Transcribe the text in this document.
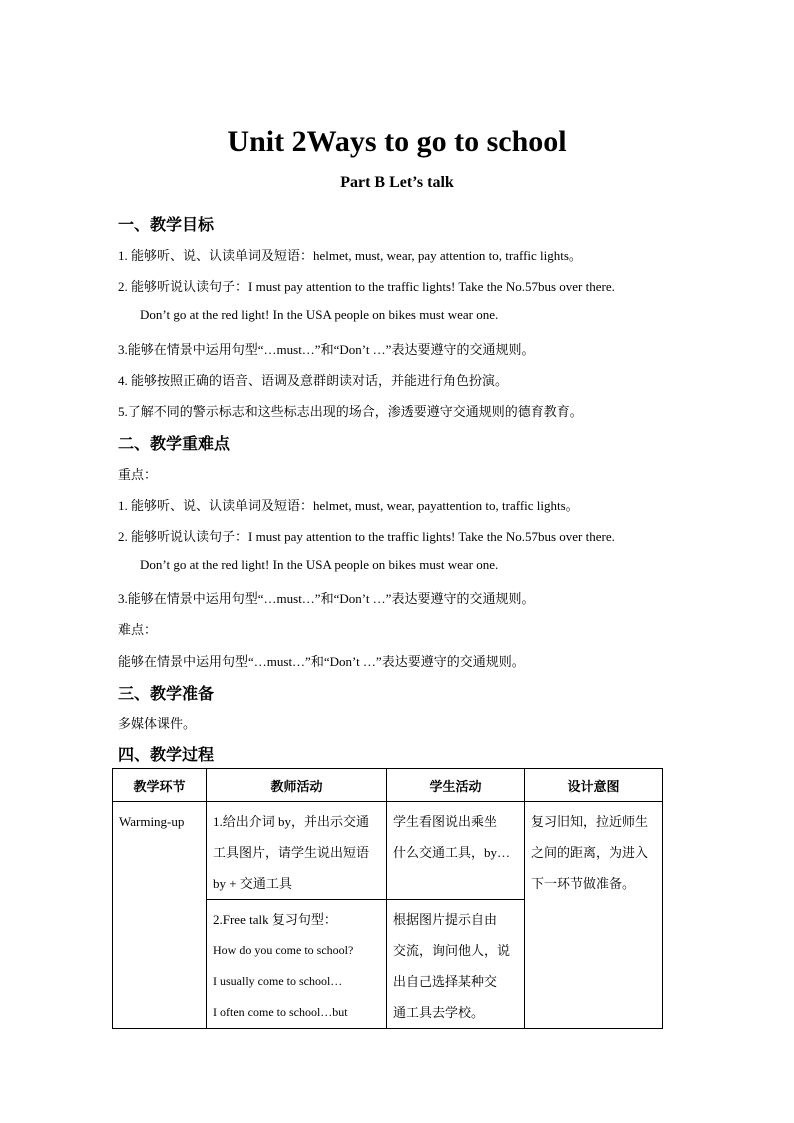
Unit 2Ways to go to school
Part B Let’s talk
一、教学目标
1. 能够听、说、认读单词及短语：helmet, must, wear, pay attention to, traffic lights。
2. 能够听说认读句子：I must pay attention to the traffic lights! Take the No.57bus over there.
Don’t go at the red light! In the USA people on bikes must wear one.
3.能够在情景中运用句型“…must…”和“Don’t …”表达要遵守的交通规则。
4. 能够按照正确的语音、语调及意群朗读对话，并能进行角色扮演。
5.了解不同的警示标志和这些标志出现的场合，渗透要遵守交通规则的德育教育。
二、教学重难点
重点：
1. 能够听、说、认读单词及短语：helmet, must, wear, payattention to, traffic lights。
2. 能够听说认读句子：I must pay attention to the traffic lights! Take the No.57bus over there.
Don’t go at the red light! In the USA people on bikes must wear one.
3.能够在情景中运用句型“…must…”和“Don’t …”表达要遵守的交通规则。
难点：
能够在情景中运用句型“…must…”和“Don’t …”表达要遵守的交通规则。
三、教学准备
多媒体课件。
四、教学过程
教学环节	教师活动	学生活动	设计意图

Warming-up	1.给出介词 by，并出示交通
工具图片，请学生说出短语
by + 交通工具	学生看图说出乘坐
什么交通工具，by…	复习旧知，拉近师生
之间的距离，为进入
下一环节做准备。

	2.Free talk 复习句型：
How do you come to school?
I usually come to school…
I often come to school…but	根据图片提示自由
交流，询问他人，说
出自己选择某种交
通工具去学校。	
